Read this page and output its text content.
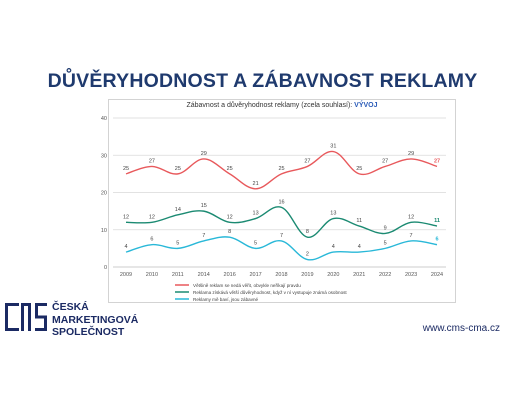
DŮVĚRYHODNOST A ZÁBAVNOST REKLAMY
Zábavnost a důvěryhodnost reklamy (zcela souhlasí): VÝVOJ
0
10
20
30
40
2009 2010	2011	2014 2016 2017 2018 2019 2020 2021 2022 2023 2024
25
27
25
29
25
21
25
27
31
25
27
29
27
12	12
14
15
12
13
16
8
13
11
9
12
11
4
6
5
7
8
5
7
2
4	4
5
7
6
Většině reklam se nedá věřit, obvykle neříkají pravdu
Reklama získává větší důvěryhodnost, když v ní vystupuje známá osobnost
Reklamy mě baví, jsou zábavné
ČESKÁ
MARKETINGOVÁ
SPOLEČNOST	www.cms-cma.cz
